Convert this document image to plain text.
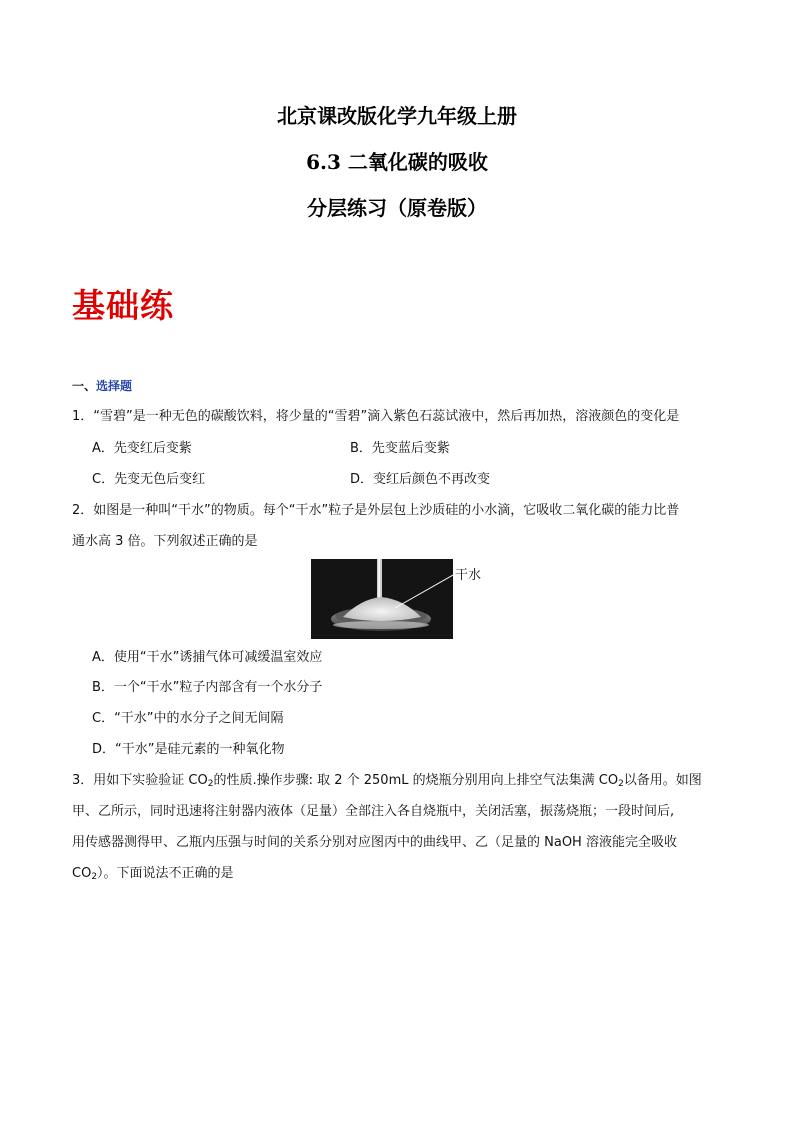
北京课改版化学九年级上册
6.3 二氧化碳的吸收
分层练习（原卷版）
基础练
一、选择题
1．“雪碧”是一种无色的碳酸饮料，将少量的“雪碧”滴入紫色石蕊试液中，然后再加热，溶液颜色的变化是
A．先变红后变紫	B．先变蓝后变紫
C．先变无色后变红	D．变红后颜色不再改变
2．如图是一种叫“干水”的物质。每个“干水”粒子是外层包上沙质硅的小水滴，它吸收二氧化碳的能力比普
通水高 3 倍。下列叙述正确的是
干水
A．使用“干水”诱捕气体可减缓温室效应
B．一个“干水”粒子内部含有一个水分子
C．“干水”中的水分子之间无间隔
D．“干水”是硅元素的一种氧化物
3．用如下实验验证 $CO_2$的性质.操作步骤: 取 2 个 250mL 的烧瓶分别用向上排空气法集满 $CO_2$以备用。如图
甲、乙所示，同时迅速将注射器内液体（足量）全部注入各自烧瓶中，关闭活塞，振荡烧瓶；一段时间后,
用传感器测得甲、乙瓶内压强与时间的关系分别对应图丙中的曲线甲、乙（足量的 NaOH 溶液能完全吸收
$CO_2$）。下面说法不正确的是
